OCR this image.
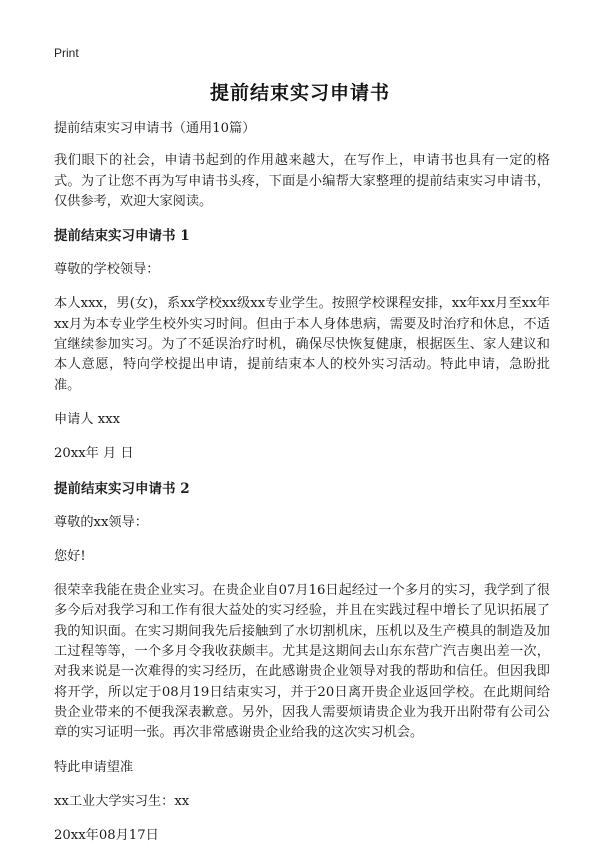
Print
提前结束实习申请书

提前结束实习申请书（通用10篇）

我们眼下的社会，申请书起到的作用越来越大，在写作上，申请书也具有一定的格式。为了让您不再为写申请书头疼，下面是小编帮大家整理的提前结束实习申请书，仅供参考，欢迎大家阅读。

提前结束实习申请书 1

尊敬的学校领导：

本人xxx，男(女)，系xx学校xx级xx专业学生。按照学校课程安排，xx年xx月至xx年xx月为本专业学生校外实习时间。但由于本人身体患病，需要及时治疗和休息，不适宜继续参加实习。为了不延误治疗时机，确保尽快恢复健康，根据医生、家人建议和本人意愿，特向学校提出申请，提前结束本人的校外实习活动。特此申请，急盼批准。

申请人 xxx

20xx年 月 日

提前结束实习申请书 2

尊敬的xx领导：

您好!

很荣幸我能在贵企业实习。在贵企业自07月16日起经过一个多月的实习，我学到了很多今后对我学习和工作有很大益处的实习经验，并且在实践过程中增长了见识拓展了我的知识面。在实习期间我先后接触到了水切割机床，压机以及生产模具的制造及加工过程等等，一个多月令我收获颇丰。尤其是这期间去山东东营广汽吉奥出差一次，对我来说是一次难得的实习经历，在此感谢贵企业领导对我的帮助和信任。但因我即将开学，所以定于08月19日结束实习，并于20日离开贵企业返回学校。在此期间给贵企业带来的不便我深表歉意。另外，因我人需要烦请贵企业为我开出附带有公司公章的实习证明一张。再次非常感谢贵企业给我的这次实习机会。

特此申请望准

xx工业大学实习生：xx

20xx年08月17日
